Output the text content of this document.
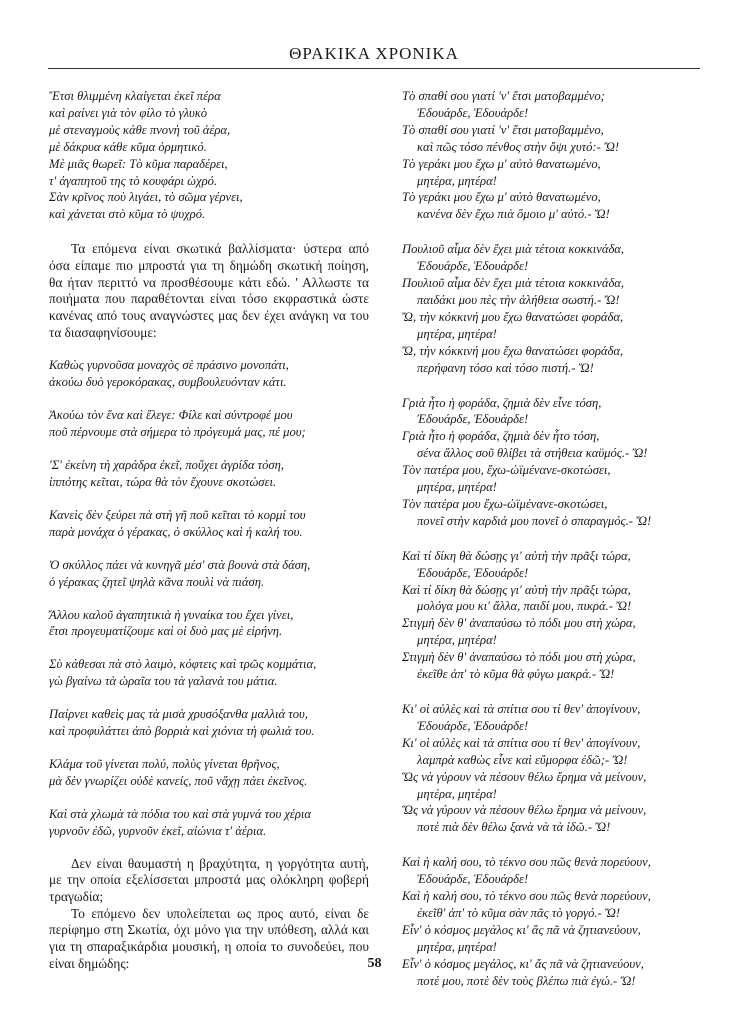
ΘΡΑΚΙΚΑ ΧΡΟΝΙΚΑ
Ἔτσι θλιμμένη κλαίγεται ἐκεῖ πέρα
καὶ ραίνει γιὰ τὸν φίλο τὸ γλυκὸ
μὲ στεναγμοὺς κάθε πνονὴ τοῦ ἀέρα,
μὲ δάκρυα κάθε κῦμα ὁρμητικό.
Μὲ μιᾶς θωρεῖ: Τὸ κῦμα παραδέρει,
τ' ἀγαπητοῦ της τὸ κουφάρι ὠχρό.
Σὰν κρῖνος ποὺ λιγάει, τὸ σῶμα γέρνει,
καὶ χάνεται στὸ κῦμα τὸ ψυχρό.

Τα επόμενα είναι σκωτικά βαλλίσματα· ύστερα από όσα είπαμε πιο μπροστά για τη δημώδη σκωτική ποίηση, θα ήταν περιττό να προσθέσουμε κάτι εδώ. ' Αλλωστε τα ποιήματα που παραθέτονται είναι τόσο εκφραστικά ώστε κανένας από τους αναγνώστες μας δεν έχει ανάγκη να του τα διασαφηνίσουμε:

Καθὼς γυρνοῦσα μοναχὸς σὲ πράσινο μονοπάτι,
ἀκούω δυὸ γεροκόρακας, συμβουλευόνταν κάτι.
Ἀκούω τὸν ἕνα καὶ ἔλεγε: Φίλε καὶ σύντροφέ μου
ποῦ πέρνουμε στὰ σήμερα τὸ πρόγευμά μας, πέ μου;
'Σ' ἐκείνη τὴ χαράδρα ἐκεῖ, ποὔχει ἀγρίδα τόση,
ἱππότης κεῖται, τώρα θὰ τὸν ἔχουνε σκοτώσει.
Κανεὶς δὲν ξεύρει πὰ στὴ γῆ ποῦ κεῖται τὸ κορμί του
παρὰ μονάχα ὁ γέρακας, ὁ σκύλλος καὶ ἡ καλή του.
Ὁ σκύλλος πάει νὰ κυνηγᾶ μέσ' στὰ βουνὰ στὰ δάση,
ὁ γέρακας ζητεῖ ψηλὰ κᾶνα πουλὶ νὰ πιάση.
Ἄλλου καλοῦ ἀγαπητικιὰ ἡ γυναίκα του ἔχει γίνει,
ἔτσι προγευματίζουμε καὶ οἱ δυὸ μας μὲ εἰρήνη.
Σὺ κάθεσαι πὰ στὸ λαιμὸ, κόφτεις καὶ τρῶς κομμάτια,
γὼ βγαίνω τὰ ὡραῖα του τὰ γαλανὰ του μάτια.
Παίρνει καθεὶς μας τὰ μισὰ χρυσόξανθα μαλλιά του,
καὶ προφυλάττει ἀπὸ βορριὰ καὶ χιόνια τὴ φωλιά του.
Κλάμα τοῦ γίνεται πολύ, πολὺς γίνεται θρῆνος,
μὰ δὲν γνωρίζει οὐδὲ κανείς, ποῦ νἄχῃ πάει ἐκεῖνος.
Καὶ στὰ χλωμὰ τὰ πόδια του καὶ στὰ γυμνά του χέρια
γυρνοῦν ἐδῶ, γυρνοῦν ἐκεῖ, αἰώνια τ' ἀέρια.

Δεν είναι θαυμαστή η βραχύτητα, η γοργότητα αυτή, με την οποία εξελίσσεται μπροστά μας ολόκληρη φοβερή τραγωδία;

Το επόμενο δεν υπολείπεται ως προς αυτό, είναι δε περίφημο στη Σκωτία, όχι μόνο για την υπόθεση, αλλά και για τη σπαραξικάρδια μουσική, η οποία το συνοδεύει, που είναι δημώδης:

Τὸ σπαθί σου γιατί 'ν' ἔτσι ματοβαμμένο;
Ἐδουάρδε, Ἐδουάρδε!
Τὸ σπαθί σου γιατί 'ν' ἔτσι ματοβαμμένο,
καὶ πῶς τόσο πένθος στὴν ὄψι χυτό:- Ὤ!
Τὸ γεράκι μου ἔχω μ' αὐτὸ θανατωμένο,
μητέρα, μητέρα!
Τὸ γεράκι μου ἔχω μ' αὐτὸ θανατωμένο,
κανένα δὲν ἔχω πιὰ ὅμοιο μ' αὐτό.- Ὤ!
Πουλιοῦ αἷμα δὲν ἔχει μιὰ τέτοια κοκκινάδα,
Ἐδουάρδε, Ἐδουάρδε!
Πουλιοῦ αἷμα δὲν ἔχει μιὰ τέτοια κοκκινάδα,
παιδάκι μου πὲς τὴν ἀλήθεια σωστή.- Ὤ!
Ὤ, τὴν κόκκινή μου ἔχω θανατώσει φοράδα,
μητέρα, μητέρα!
Ὤ, τὴν κόκκινή μου ἔχω θανατώσει φοράδα,
περήφανη τόσο καὶ τόσο πιστή.- Ὤ!
Γριὰ ἦτο ἡ φοράδα, ζημιὰ δὲν εἶνε τόση,
Ἐδουάρδε, Ἐδουάρδε!
Γριὰ ἦτο ἡ φοράδα, ζημιὰ δὲν ἦτο τόση,
σένα ἄλλος σοῦ θλίβει τὰ στήθεια καϋμός.- Ὤ!
Τὸν πατέρα μου, ἔχω-ὠϊμένανε-σκοτώσει,
μητέρα, μητέρα!
Τὸν πατέρα μου ἔχω-ὠϊμένανε-σκοτώσει,
πονεῖ στὴν καρδιά μου πονεῖ ὁ σπαραγμός.- Ὤ!
Καὶ τί δίκη θὰ δώσῃς γι' αὐτὴ τὴν πρᾶξι τώρα,
Ἐδουάρδε, Ἐδουάρδε!
Καὶ τί δίκη θὰ δώσῃς γι' αὐτὴ τὴν πρᾶξι τώρα,
μολόγα μου κι' ἄλλα, παιδί μου, πικρά.- Ὤ!
Στιγμὴ δὲν θ' ἀναπαύσω τὸ πόδι μου στὴ χώρα,
μητέρα, μητέρα!
Στιγμὴ δὲν θ' ἀναπαύσω τὸ πόδι μου στὴ χώρα,
ἐκεῖθε ἀπ' τὸ κῦμα θὰ φύγω μακρά.- Ὤ!
Κι' οἱ αὐλὲς καὶ τὰ σπίτια σου τί θεν' ἀπογίνουν,
Ἐδουάρδε, Ἐδουάρδε!
Κι' οἱ αὐλὲς καὶ τὰ σπίτια σου τί θεν' ἀπογίνουν,
λαμπρὰ καθὼς εἶνε καὶ εὔμορφα ἐδῶ;- Ὤ!
Ὥς νὰ γύρουν νὰ πέσουν θέλω ἔρημα νὰ μείνουν,
μητέρα, μητέρα!
Ὥς νὰ γύρουν νὰ πέσουν θέλω ἔρημα νὰ μείνουν,
ποτὲ πιὰ δὲν θέλω ξανὰ νὰ τὰ ἰδῶ.- Ὤ!
Καὶ ἡ καλή σου, τὸ τέκνο σου πῶς θενὰ πορεύουν,
Ἐδουάρδε, Ἐδουάρδε!
Καὶ ἡ καλή σου, τὸ τέκνο σου πῶς θενὰ πορεύουν,
ἐκεῖθ' ἀπ' τὸ κῦμα σὰν πᾶς τὸ γοργό.- Ὤ!
Εἶν' ὁ κόσμος μεγάλος κι' ἄς πᾶ νὰ ζητιανεύουν,
μητέρα, μητέρα!
Εἶν' ὁ κόσμος μεγάλος, κι' ἄς πᾶ νὰ ζητιανεύουν,
ποτέ μου, ποτὲ δὲν τοὺς βλέπω πιὰ ἐγώ.- Ὤ!
58
